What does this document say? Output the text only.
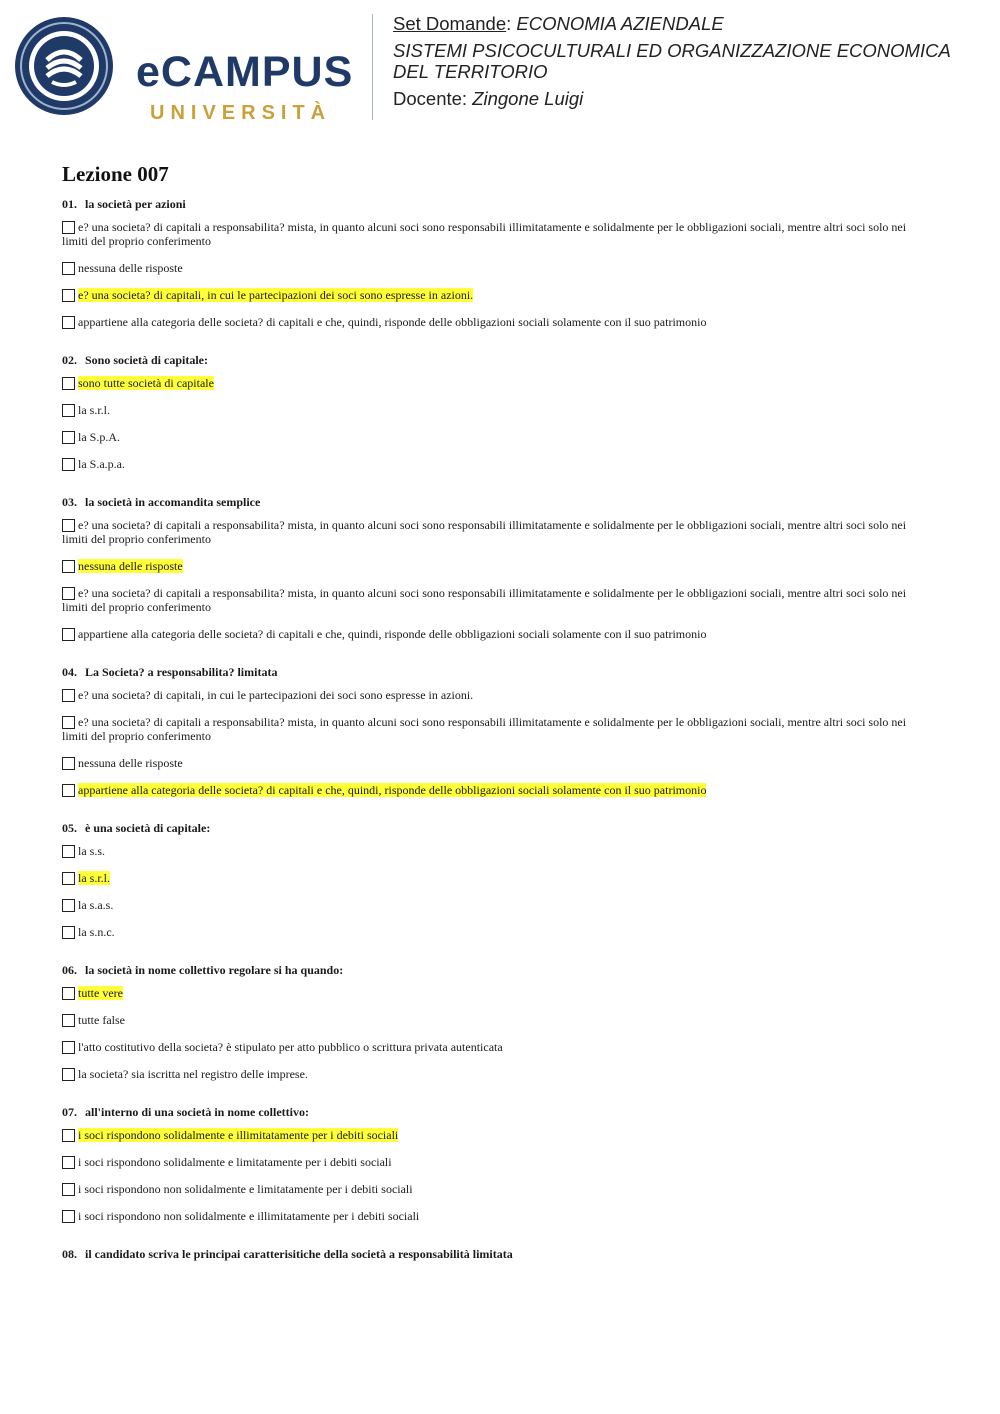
eCAMPUS
UNIVERSITÀ
Set Domande: ECONOMIA AZIENDALE
SISTEMI PSICOCULTURALI ED ORGANIZZAZIONE ECONOMICA DEL TERRITORIO
Docente: Zingone Luigi
Lezione 007
01. la società per azioni
e? una societa? di capitali a responsabilita? mista, in quanto alcuni soci sono responsabili illimitatamente e solidalmente per le obbligazioni sociali, mentre altri soci solo nei limiti del proprio conferimento
nessuna delle risposte
e? una societa? di capitali, in cui le partecipazioni dei soci sono espresse in azioni.
appartiene alla categoria delle societa? di capitali e che, quindi, risponde delle obbligazioni sociali solamente con il suo patrimonio
02. Sono società di capitale:
sono tutte società di capitale
la s.r.l.
la S.p.A.
la S.a.p.a.
03. la società in accomandita semplice
e? una societa? di capitali a responsabilita? mista, in quanto alcuni soci sono responsabili illimitatamente e solidalmente per le obbligazioni sociali, mentre altri soci solo nei limiti del proprio conferimento
nessuna delle risposte
e? una societa? di capitali a responsabilita? mista, in quanto alcuni soci sono responsabili illimitatamente e solidalmente per le obbligazioni sociali, mentre altri soci solo nei limiti del proprio conferimento
appartiene alla categoria delle societa? di capitali e che, quindi, risponde delle obbligazioni sociali solamente con il suo patrimonio
04. La Societa? a responsabilita? limitata
e? una societa? di capitali, in cui le partecipazioni dei soci sono espresse in azioni.
e? una societa? di capitali a responsabilita? mista, in quanto alcuni soci sono responsabili illimitatamente e solidalmente per le obbligazioni sociali, mentre altri soci solo nei limiti del proprio conferimento
nessuna delle risposte
appartiene alla categoria delle societa? di capitali e che, quindi, risponde delle obbligazioni sociali solamente con il suo patrimonio
05. è una società di capitale:
la s.s.
la s.r.l.
la s.a.s.
la s.n.c.
06. la società in nome collettivo regolare si ha quando:
tutte vere
tutte false
l'atto costitutivo della societa? è stipulato per atto pubblico o scrittura privata autenticata
la societa? sia iscritta nel registro delle imprese.
07. all'interno di una società in nome collettivo:
i soci rispondono solidalmente e illimitatamente per i debiti sociali
i soci rispondono solidalmente e limitatamente per i debiti sociali
i soci rispondono non solidalmente e limitatamente per i debiti sociali
i soci rispondono non solidalmente e illimitatamente per i debiti sociali
08. il candidato scriva le principai caratterisitiche della società a responsabilità limitata
